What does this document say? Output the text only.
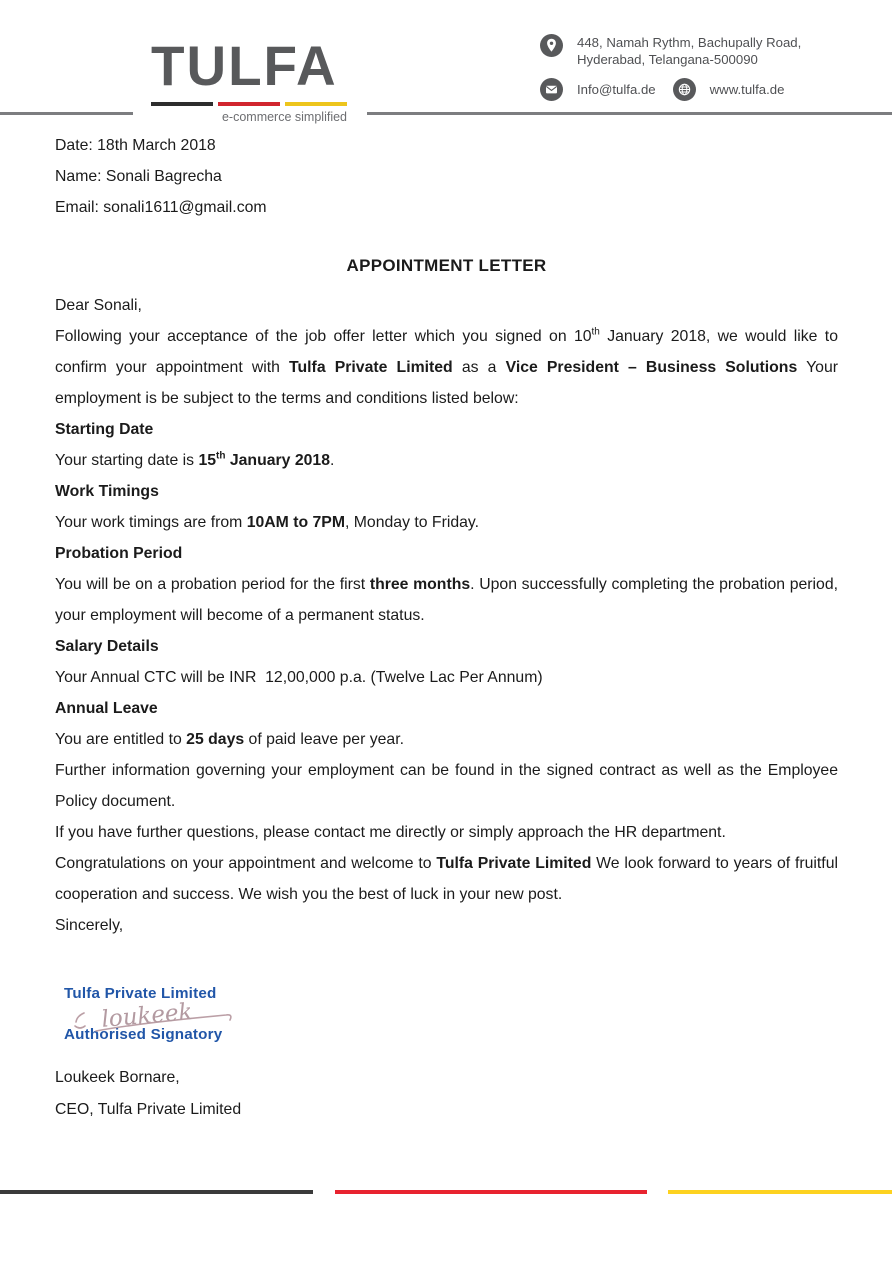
TULFA
e-commerce simplified
448, Namah Rythm, Bachupally Road,
Hyderabad, Telangana-500090
Info@tulfa.de	www.tulfa.de
Date: 18th March 2018
Name: Sonali Bagrecha
Email: sonali1611@gmail.com
APPOINTMENT LETTER
Dear Sonali,
Following your acceptance of the job offer letter which you signed on 10th January 2018, we would like to confirm your appointment with Tulfa Private Limited as a Vice President – Business Solutions Your employment is be subject to the terms and conditions listed below:
Starting Date
Your starting date is 15th January 2018.
Work Timings
Your work timings are from 10AM to 7PM, Monday to Friday.
Probation Period
You will be on a probation period for the first three months. Upon successfully completing the probation period, your employment will become of a permanent status.
Salary Details
Your Annual CTC will be INR  12,00,000 p.a. (Twelve Lac Per Annum)
Annual Leave
You are entitled to 25 days of paid leave per year.
Further information governing your employment can be found in the signed contract as well as the Employee Policy document.
If you have further questions, please contact me directly or simply approach the HR department.
Congratulations on your appointment and welcome to Tulfa Private Limited We look forward to years of fruitful cooperation and success. We wish you the best of luck in your new post.
Sincerely,
Tulfa Private Limited
loukeek
Authorised Signatory
Loukeek Bornare,
CEO, Tulfa Private Limited
